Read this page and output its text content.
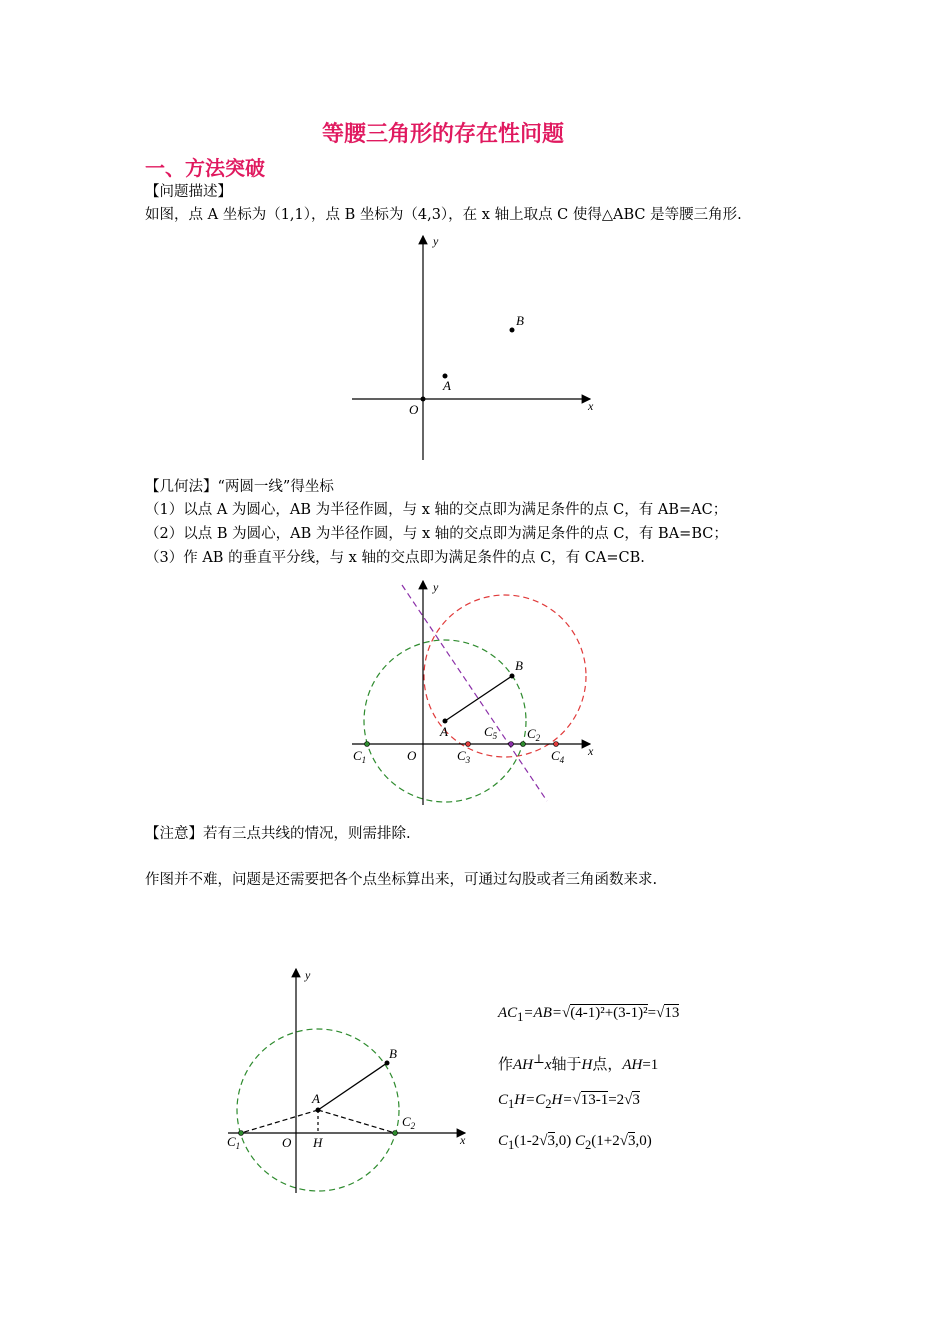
等腰三角形的存在性问题
一、方法突破
【问题描述】
如图，点 A 坐标为（1,1），点 B 坐标为（4,3），在 x 轴上取点 C 使得△ABC 是等腰三角形.
y
x
O
A
B
【几何法】“两圆一线”得坐标
（1）以点 A 为圆心，AB 为半径作圆，与 x 轴的交点即为满足条件的点 C，有 AB=AC；
（2）以点 B 为圆心，AB 为半径作圆，与 x 轴的交点即为满足条件的点 C，有 BA=BC；
（3）作 AB 的垂直平分线，与 x 轴的交点即为满足条件的点 C，有 CA=CB.
y
x
O
A
B
$C_1$	$C_3$
$C_5$ $C_2$
$C_4$
【注意】若有三点共线的情况，则需排除.
作图并不难，问题是还需要把各个点坐标算出来，可通过勾股或者三角函数来求.
y
x
O
A
B
H
$C_1$
$C_2$
$AC_1=AB=√(4-1)^2+(3-1)^2=√13$
作AH⊥x轴于H点，AH=1
$C_1H=C_2H=√13-1=2√3$
$C_1(1-2√3,0)$ $C_2(1+2√3,0)$
